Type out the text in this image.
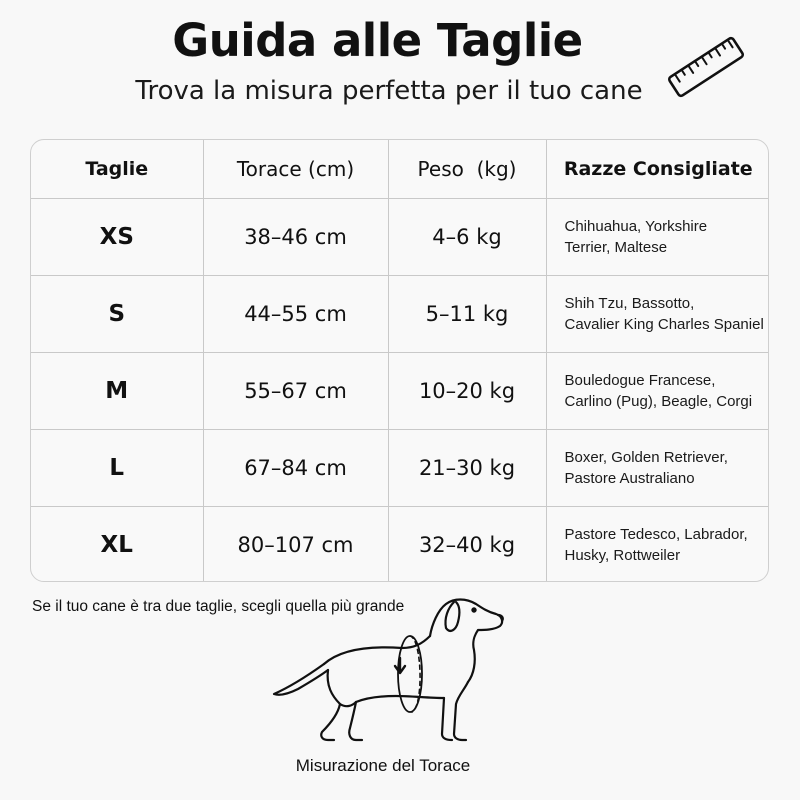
Guida alle Taglie
Trova la misura perfetta per il tuo cane
Taglie	Torace (cm)	Peso  (kg)	Razze Consigliate
XS	38–46 cm	4–6 kg	Chihuahua, Yorkshire
Terrier, Maltese

S	44–55 cm	5–11 kg	Shih Tzu, Bassotto,
Cavalier King Charles Spaniel

M	55–67 cm	10–20 kg	Bouledogue Francese,
Carlino (Pug), Beagle, Corgi

L	67–84 cm	21–30 kg	Boxer, Golden Retriever,
Pastore Australiano

XL	80–107 cm	32–40 kg	Pastore Tedesco, Labrador,
Husky, Rottweiler
Se il tuo cane è tra due taglie, scegli quella più grande
Misurazione del Torace
